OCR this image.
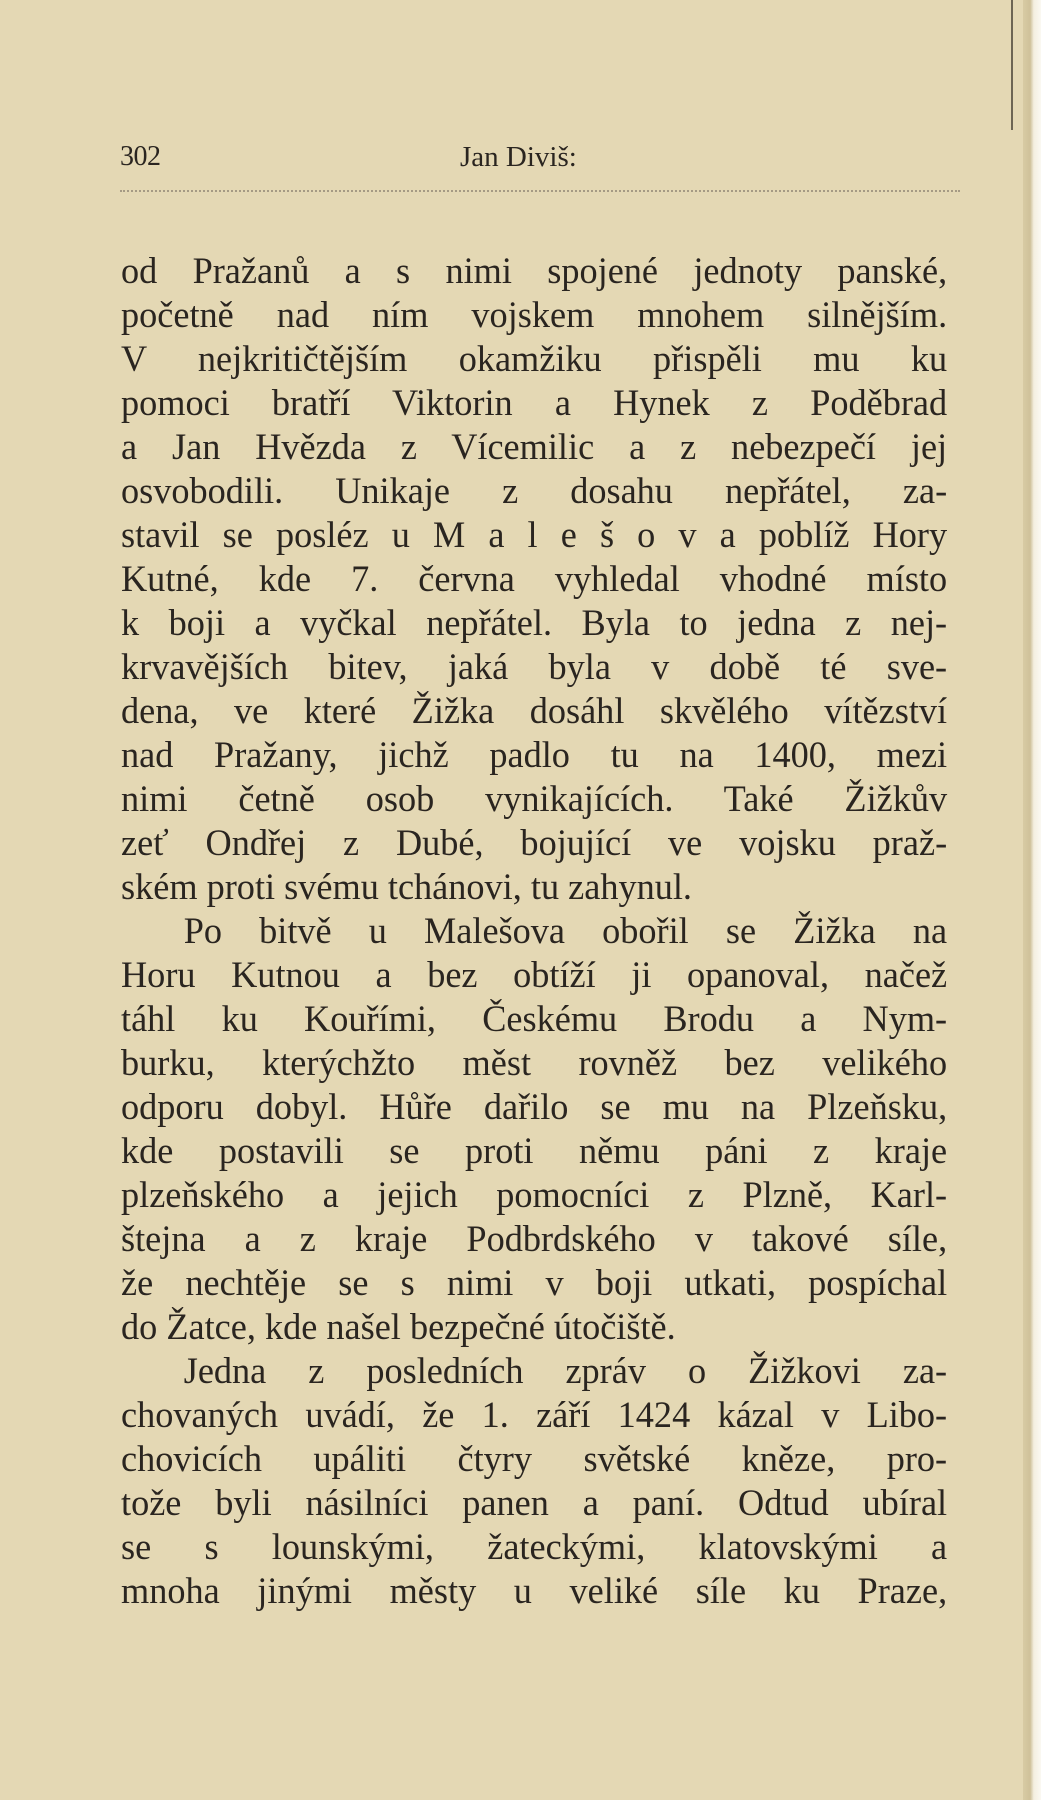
302	Jan Diviš:
od Pražanů a s nimi spojené jednoty panské,
početně nad ním vojskem mnohem silnějším.
V nejkritičtějším okamžiku přispěli mu ku
pomoci bratří Viktorin a Hynek z Poděbrad
a Jan Hvězda z Vícemilic a z nebezpečí jej
osvobodili. Unikaje z dosahu nepřátel, za-
stavil se posléz u M a l e š o v a poblíž Hory
Kutné, kde 7. června vyhledal vhodné místo
k boji a vyčkal nepřátel. Byla to jedna z nej-
krvavějších bitev, jaká byla v době té sve-
dena, ve které Žižka dosáhl skvělého vítězství
nad Pražany, jichž padlo tu na 1400, mezi
nimi četně osob vynikajících. Také Žižkův
zeť Ondřej z Dubé, bojující ve vojsku praž-
ském proti svému tchánovi, tu zahynul.
Po bitvě u Malešova obořil se Žižka na
Horu Kutnou a bez obtíží ji opanoval, načež
táhl ku Kouřími, Českému Brodu a Nym-
burku, kterýchžto měst rovněž bez velikého
odporu dobyl. Hůře dařilo se mu na Plzeňsku,
kde postavili se proti němu páni z kraje
plzeňského a jejich pomocníci z Plzně, Karl-
štejna a z kraje Podbrdského v takové síle,
že nechtěje se s nimi v boji utkati, pospíchal
do Žatce, kde našel bezpečné útočiště.
Jedna z posledních zpráv o Žižkovi za-
chovaných uvádí, že 1. září 1424 kázal v Libo-
chovicích upáliti čtyry světské kněze, pro-
tože byli násilníci panen a paní. Odtud ubíral
se s lounskými, žateckými, klatovskými a
mnoha jinými městy u veliké síle ku Praze,
